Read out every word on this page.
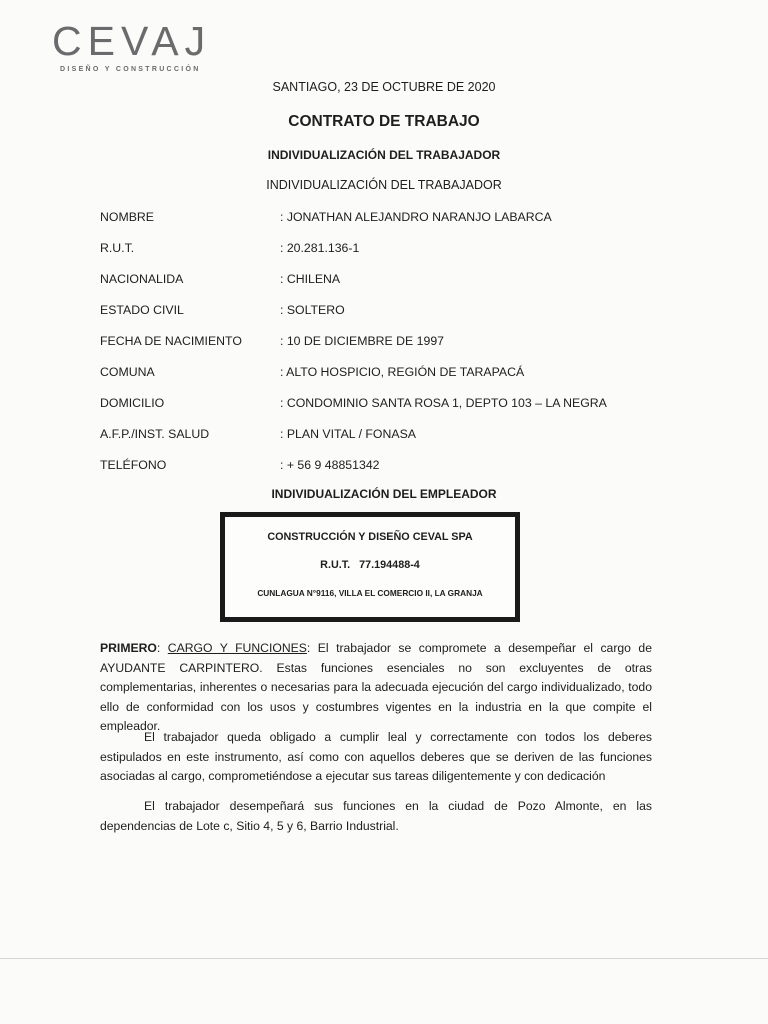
CEVAJ
DISEÑO Y CONSTRUCCIÓN
SANTIAGO, 23 DE OCTUBRE DE 2020
CONTRATO DE TRABAJO
INDIVIDUALIZACIÓN DEL TRABAJADOR
INDIVIDUALIZACIÓN DEL TRABAJADOR
NOMBRE	: JONATHAN ALEJANDRO NARANJO LABARCA
R.U.T.	: 20.281.136-1
NACIONALIDA	: CHILENA
ESTADO CIVIL	: SOLTERO
FECHA DE NACIMIENTO	: 10 DE DICIEMBRE DE 1997
COMUNA	: ALTO HOSPICIO, REGIÓN DE TARAPACÁ
DOMICILIO	: CONDOMINIO SANTA ROSA 1, DEPTO 103 – LA NEGRA
A.F.P./INST. SALUD	: PLAN VITAL / FONASA
TELÉFONO	: + 56 9 48851342
INDIVIDUALIZACIÓN DEL EMPLEADOR
CONSTRUCCIÓN Y DISEÑO CEVAL SPA
R.U.T.   77.194488-4
CUNLAGUA N°9116, VILLA EL COMERCIO II, LA GRANJA
PRIMERO: CARGO Y FUNCIONES: El trabajador se compromete a desempeñar el cargo de AYUDANTE CARPINTERO. Estas funciones esenciales no son excluyentes de otras complementarias, inherentes o necesarias para la adecuada ejecución del cargo individualizado, todo ello de conformidad con los usos y costumbres vigentes en la industria en la que compite el empleador.
El trabajador queda obligado a cumplir leal y correctamente con todos los deberes estipulados en este instrumento, así como con aquellos deberes que se deriven de las funciones asociadas al cargo, comprometiéndose a ejecutar sus tareas diligentemente y con dedicación
El trabajador desempeñará sus funciones en la ciudad de Pozo Almonte, en las dependencias de Lote c, Sitio 4, 5 y 6, Barrio Industrial.
